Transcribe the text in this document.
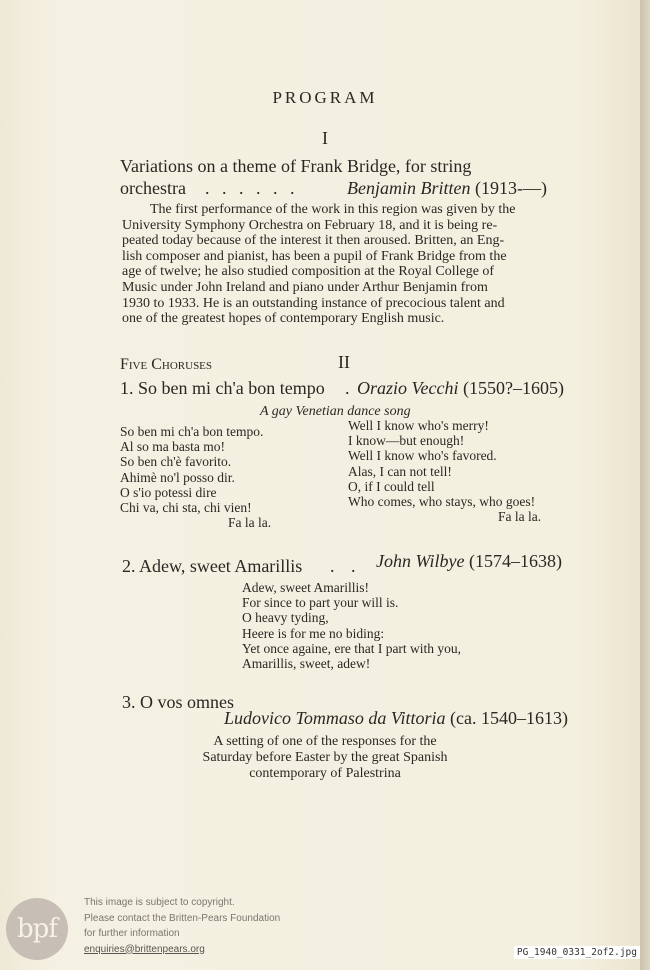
PROGRAM
I
Variations on a theme of Frank Bridge, for string
orchestra . . . . . .	Benjamin Britten (1913-—)
The first performance of the work in this region was given by the
University Symphony Orchestra on February 18, and it is being re-
peated today because of the interest it then aroused. Britten, an Eng-
lish composer and pianist, has been a pupil of Frank Bridge from the
age of twelve; he also studied composition at the Royal College of
Music under John Ireland and piano under Arthur Benjamin from
1930 to 1933. He is an outstanding instance of precocious talent and
one of the greatest hopes of contemporary English music.
Five Choruses	II
1. So ben mi ch'a bon tempo . Orazio Vecchi (1550?–1605)
A gay Venetian dance song
So ben mi ch'a bon tempo.
Al so ma basta mo!
So ben ch'è favorito.
Ahimè no'l posso dir.
O s'io potessi dire
Chi va, chi sta, chi vien!
Fa la la.
Well I know who's merry!
I know—but enough!
Well I know who's favored.
Alas, I can not tell!
O, if I could tell
Who comes, who stays, who goes!
Fa la la.
2. Adew, sweet Amarillis . . John Wilbye (1574–1638)
Adew, sweet Amarillis!
For since to part your will is.
O heavy tyding,
Heere is for me no biding:
Yet once againe, ere that I part with you,
Amarillis, sweet, adew!
3. O vos omnes
Ludovico Tommaso da Vittoria (ca. 1540–1613)
A setting of one of the responses for the
Saturday before Easter by the great Spanish
contemporary of Palestrina
bpf
This image is subject to copyright.
Please contact the Britten-Pears Foundation
for further information
enquiries@brittenpears.org	PG_1940_0331_2of2.jpg
